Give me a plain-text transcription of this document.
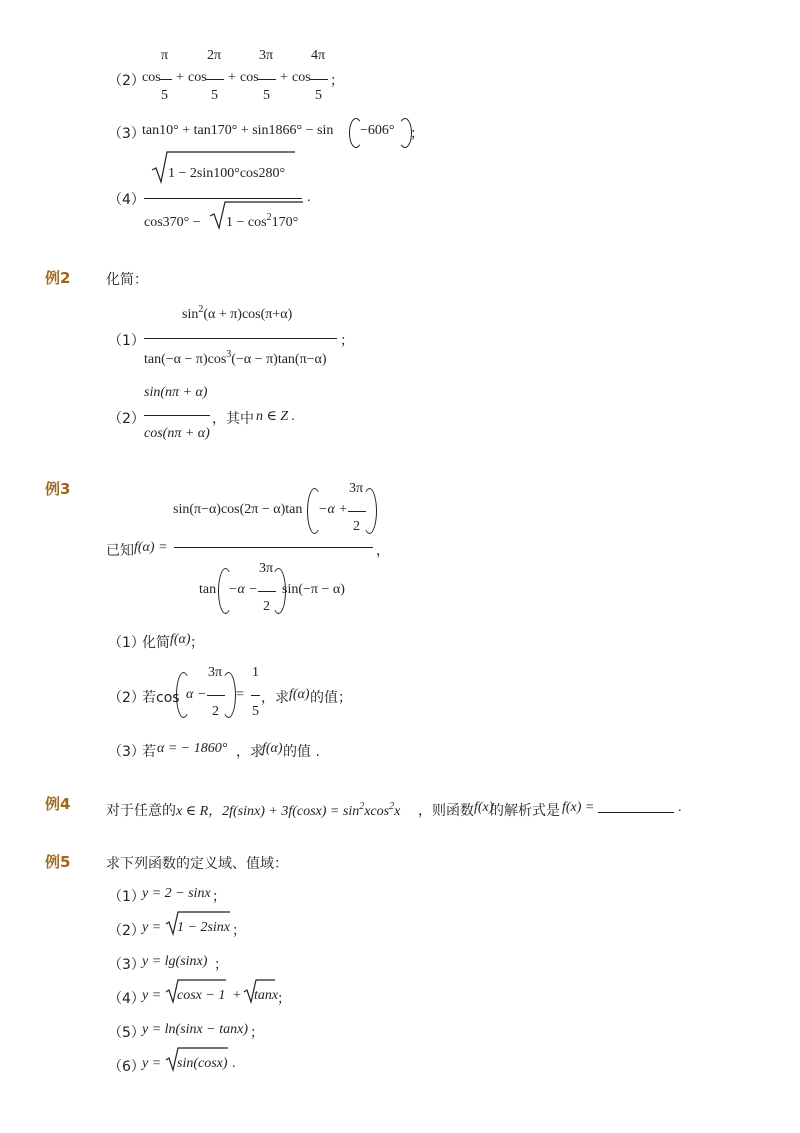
（2）
cos
π
5
+ cos
2π
5
+ cos
3π
5
+ cos
4π
5
；
（3）
tan10° + tan170° + sin1866° − sin −606° ；
（4）
1 − 2sin100°cos280°
$\cos 370^\circ - 1 - \cos^2170^\circ$
.
例2	化简：
（1）
$\sin^2(\alpha + \pi)\cos(\pi+\alpha)$
$\tan(-\alpha - \pi)\cos^3(-\alpha - \pi)\tan(\pi-\alpha)$
；
（2）
sin(nπ + α)
cos(nπ + α)
，其中 n ∈ Z .
例3
已知 f(α) =
sin(π−α)cos(2π − α)tan −α +
3π
2
，
tan −α −
3π
2
sin(−π − α)
（1）
化简 f(α) ；
（2）
若cos α −
3π
2
=
1
5
，求 f(α) 的值；
（3）
若 α = − 1860° ，求
f(α) 的值 .
例4	对于任意的 x ∈ R，$2f(\sin x) + 3f(\cos x) = \sin^2xcos^2x$ ，则函数 f(x)
的解析式是 f(x) =	.
例5	求下列函数的定义域、值域：
（1）
y = 2 − sinx ；
（2）
y = 1 − 2sinx ；
（3）
y = lg(sinx) ；
（4）
y = cosx − 1 + tanx
；
（5）
y = ln(sinx − tanx) ；
（6）
y = sin(cosx) .
